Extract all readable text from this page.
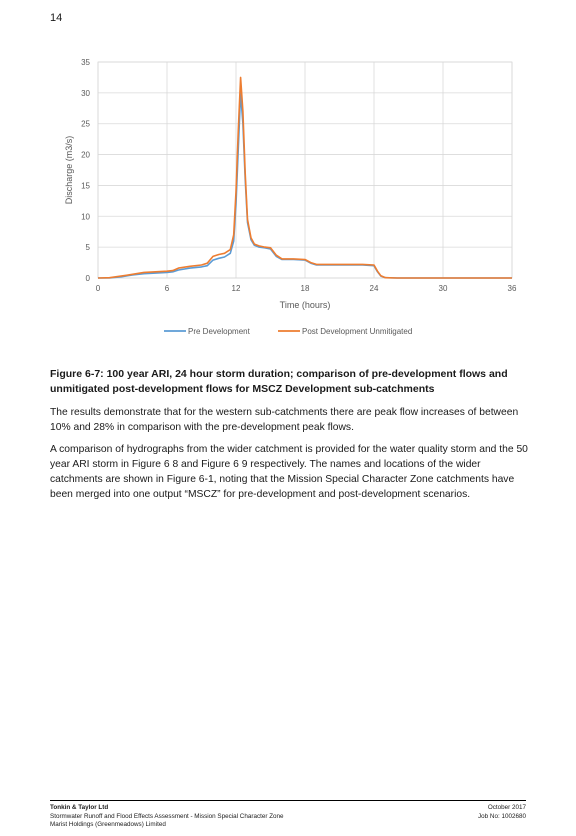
14
0
5
10
15
20
25
30
35
0	6	12	18	24	30	36
Time (hours)
Discharge (m3/s)
Pre Development	Post Development Unmitigated
Figure 6-7: 100 year ARI, 24 hour storm duration; comparison of pre-development flows and unmitigated post-development flows for MSCZ Development sub-catchments

The results demonstrate that for the western sub-catchments there are peak flow increases of between 10% and 28% in comparison with the pre-development peak flows.

A comparison of hydrographs from the wider catchment is provided for the water quality storm and the 50 year ARI storm in Figure 6 8 and Figure 6 9 respectively. The names and locations of the wider catchments are shown in Figure 6-1, noting that the Mission Special Character Zone catchments have been merged into one output “MSCZ” for pre-development and post-development scenarios.

Tonkin & Taylor Ltd
Stormwater Runoff and Flood Effects Assessment - Mission Special Character Zone
Marist Holdings (Greenmeadows) Limited
October 2017
Job No: 1002680
